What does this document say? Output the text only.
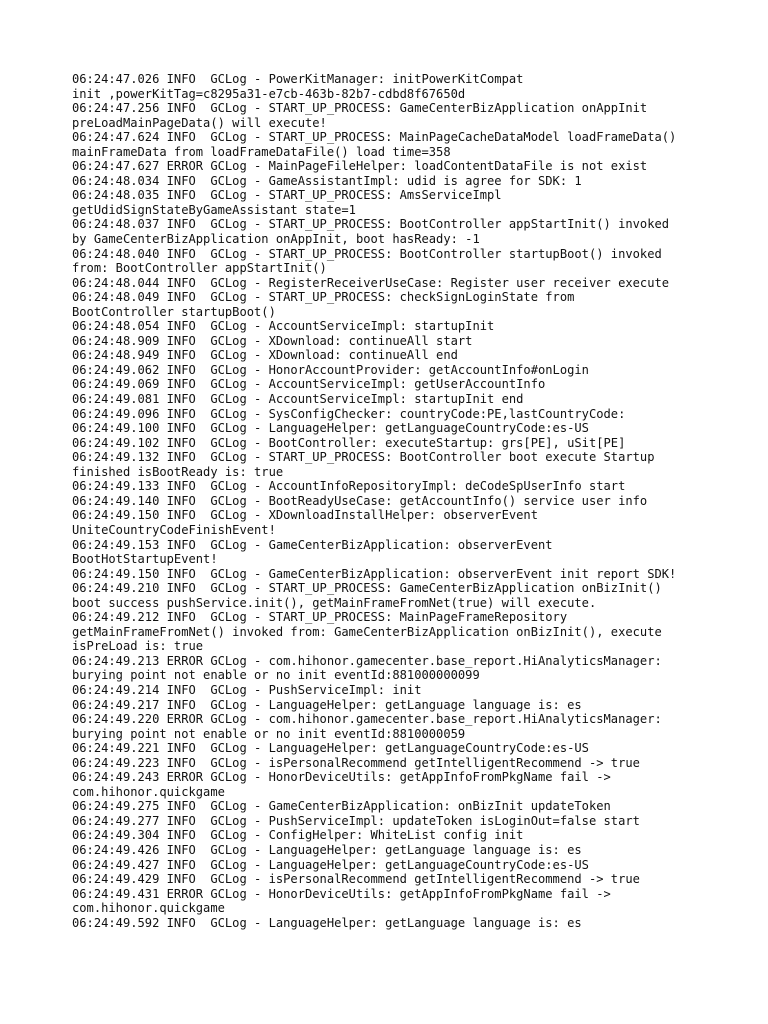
06:24:47.026 INFO  GCLog - PowerKitManager: initPowerKitCompat
init ,powerKitTag=c8295a31-e7cb-463b-82b7-cdbd8f67650d
06:24:47.256 INFO  GCLog - START_UP_PROCESS: GameCenterBizApplication onAppInit
preLoadMainPageData() will execute!
06:24:47.624 INFO  GCLog - START_UP_PROCESS: MainPageCacheDataModel loadFrameData()
mainFrameData from loadFrameDataFile() load time=358
06:24:47.627 ERROR GCLog - MainPageFileHelper: loadContentDataFile is not exist
06:24:48.034 INFO  GCLog - GameAssistantImpl: udid is agree for SDK: 1
06:24:48.035 INFO  GCLog - START_UP_PROCESS: AmsServiceImpl
getUdidSignStateByGameAssistant state=1
06:24:48.037 INFO  GCLog - START_UP_PROCESS: BootController appStartInit() invoked
by GameCenterBizApplication onAppInit, boot hasReady: -1
06:24:48.040 INFO  GCLog - START_UP_PROCESS: BootController startupBoot() invoked
from: BootController appStartInit()
06:24:48.044 INFO  GCLog - RegisterReceiverUseCase: Register user receiver execute
06:24:48.049 INFO  GCLog - START_UP_PROCESS: checkSignLoginState from
BootController startupBoot()
06:24:48.054 INFO  GCLog - AccountServiceImpl: startupInit
06:24:48.909 INFO  GCLog - XDownload: continueAll start
06:24:48.949 INFO  GCLog - XDownload: continueAll end
06:24:49.062 INFO  GCLog - HonorAccountProvider: getAccountInfo#onLogin
06:24:49.069 INFO  GCLog - AccountServiceImpl: getUserAccountInfo
06:24:49.081 INFO  GCLog - AccountServiceImpl: startupInit end
06:24:49.096 INFO  GCLog - SysConfigChecker: countryCode:PE,lastCountryCode:
06:24:49.100 INFO  GCLog - LanguageHelper: getLanguageCountryCode:es-US
06:24:49.102 INFO  GCLog - BootController: executeStartup: grs[PE], uSit[PE]
06:24:49.132 INFO  GCLog - START_UP_PROCESS: BootController boot execute Startup
finished isBootReady is: true
06:24:49.133 INFO  GCLog - AccountInfoRepositoryImpl: deCodeSpUserInfo start
06:24:49.140 INFO  GCLog - BootReadyUseCase: getAccountInfo() service user info
06:24:49.150 INFO  GCLog - XDownloadInstallHelper: observerEvent
UniteCountryCodeFinishEvent!
06:24:49.153 INFO  GCLog - GameCenterBizApplication: observerEvent
BootHotStartupEvent!
06:24:49.150 INFO  GCLog - GameCenterBizApplication: observerEvent init report SDK!
06:24:49.210 INFO  GCLog - START_UP_PROCESS: GameCenterBizApplication onBizInit()
boot success pushService.init(), getMainFrameFromNet(true) will execute.
06:24:49.212 INFO  GCLog - START_UP_PROCESS: MainPageFrameRepository
getMainFrameFromNet() invoked from: GameCenterBizApplication onBizInit(), execute
isPreLoad is: true
06:24:49.213 ERROR GCLog - com.hihonor.gamecenter.base_report.HiAnalyticsManager:
burying point not enable or no init eventId:881000000099
06:24:49.214 INFO  GCLog - PushServiceImpl: init
06:24:49.217 INFO  GCLog - LanguageHelper: getLanguage language is: es
06:24:49.220 ERROR GCLog - com.hihonor.gamecenter.base_report.HiAnalyticsManager:
burying point not enable or no init eventId:8810000059
06:24:49.221 INFO  GCLog - LanguageHelper: getLanguageCountryCode:es-US
06:24:49.223 INFO  GCLog - isPersonalRecommend getIntelligentRecommend -> true
06:24:49.243 ERROR GCLog - HonorDeviceUtils: getAppInfoFromPkgName fail ->
com.hihonor.quickgame
06:24:49.275 INFO  GCLog - GameCenterBizApplication: onBizInit updateToken
06:24:49.277 INFO  GCLog - PushServiceImpl: updateToken isLoginOut=false start
06:24:49.304 INFO  GCLog - ConfigHelper: WhiteList config init
06:24:49.426 INFO  GCLog - LanguageHelper: getLanguage language is: es
06:24:49.427 INFO  GCLog - LanguageHelper: getLanguageCountryCode:es-US
06:24:49.429 INFO  GCLog - isPersonalRecommend getIntelligentRecommend -> true
06:24:49.431 ERROR GCLog - HonorDeviceUtils: getAppInfoFromPkgName fail ->
com.hihonor.quickgame
06:24:49.592 INFO  GCLog - LanguageHelper: getLanguage language is: es
